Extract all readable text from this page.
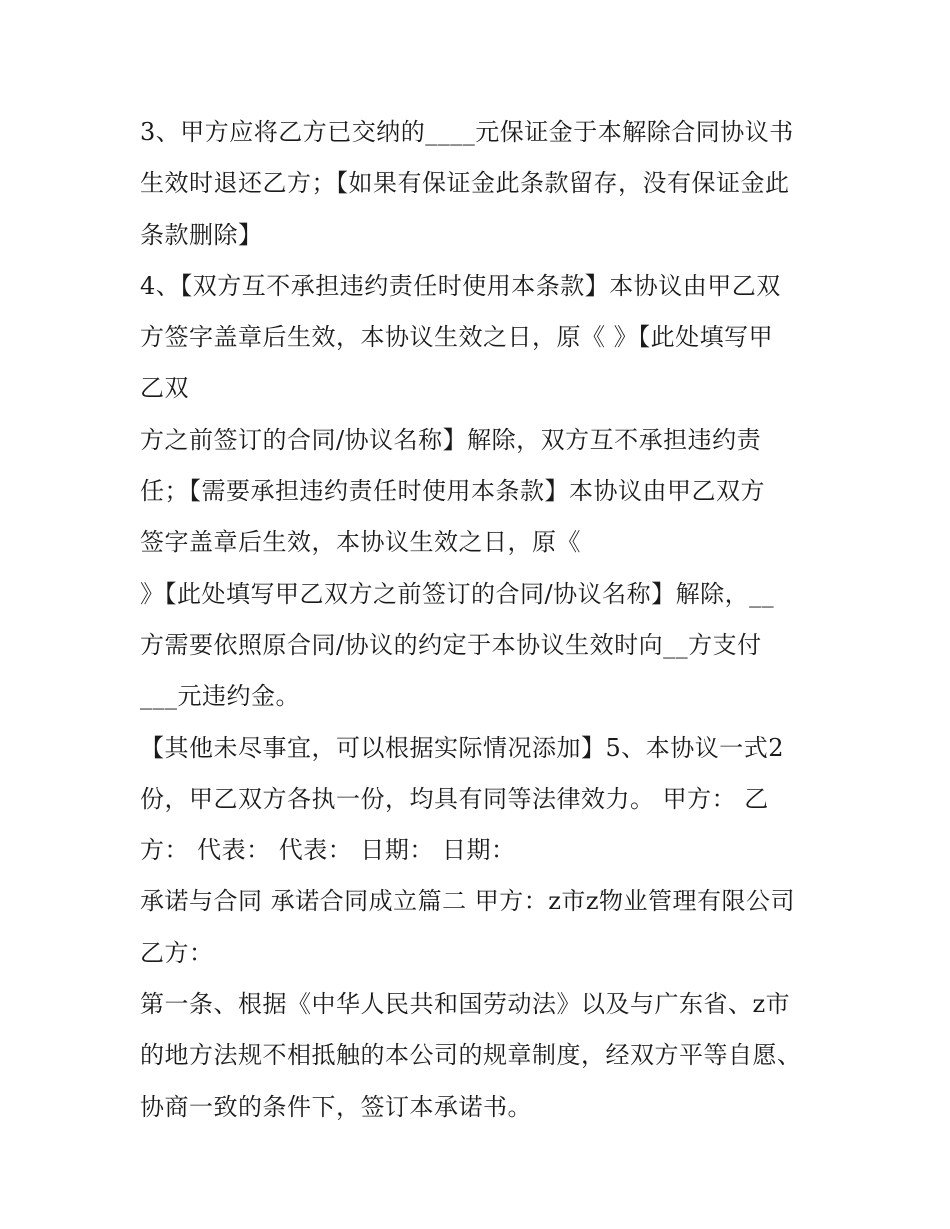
3、甲方应将乙方已交纳的____元保证金于本解除合同协议书
生效时退还乙方；【如果有保证金此条款留存，没有保证金此
条款删除】
4、【双方互不承担违约责任时使用本条款】本协议由甲乙双
方签字盖章后生效，本协议生效之日，原《 》【此处填写甲
乙双
方之前签订的合同/协议名称】解除，双方互不承担违约责
任；【需要承担违约责任时使用本条款】本协议由甲乙双方
签字盖章后生效，本协议生效之日，原《
》【此处填写甲乙双方之前签订的合同/协议名称】解除，__
方需要依照原合同/协议的约定于本协议生效时向__方支付
___元违约金。
【其他未尽事宜，可以根据实际情况添加】5、本协议一式2
份，甲乙双方各执一份，均具有同等法律效力。 甲方： 乙
方： 代表： 代表： 日期： 日期：
承诺与合同 承诺合同成立篇二 甲方：z市z物业管理有限公司
乙方：
第一条、根据《中华人民共和国劳动法》以及与广东省、z市
的地方法规不相抵触的本公司的规章制度，经双方平等自愿、
协商一致的条件下，签订本承诺书。
